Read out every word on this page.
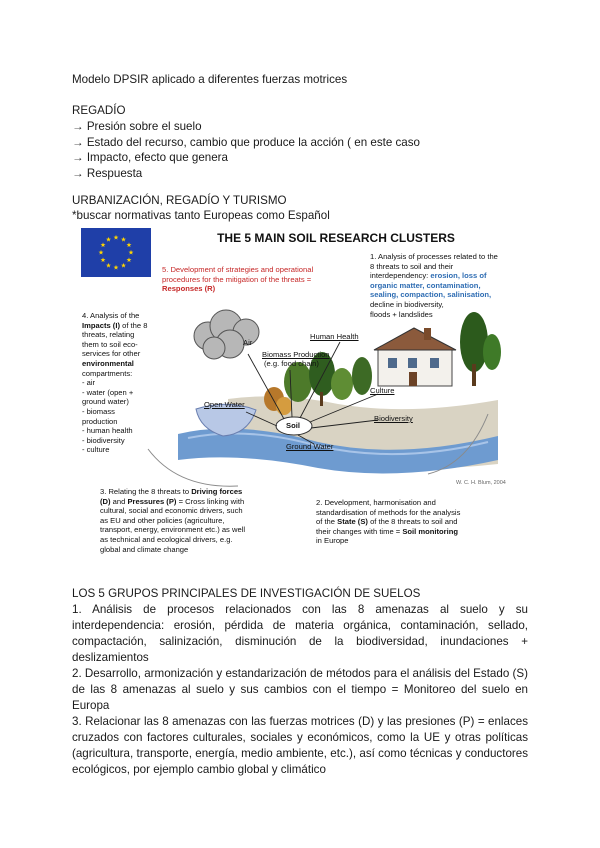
Modelo DPSIR aplicado a diferentes fuerzas motrices
REGADÍO
→ Presión sobre el suelo
→ Estado del recurso, cambio que produce la acción ( en este caso
→ Impacto, efecto que genera
→ Respuesta
URBANIZACIÓN, REGADÍO Y TURISMO
*buscar normativas tanto Europeas como Español
THE 5 MAIN SOIL RESEARCH CLUSTERS
Air
Human Health
Biomass Production
(e.g. food chain)
Open Water
Soil
Culture
Biodiversity
Ground Water
W. C. H. Blum, 2004
1. Analysis of processes related to the
8 threats to soil and their
interdependency: erosion, loss of
organic matter, contamination,
sealing, compaction, salinisation,
decline in biodiversity,
floods + landslides
5. Development of strategies and operational
procedures for the mitigation of the threats =
Responses (R)
4. Analysis of the
Impacts (I) of the 8
threats, relating
them to soil eco-
services for other
environmental
compartments:
- air
- water (open +
ground water)
- biomass
production
- human health
- biodiversity
- culture
3. Relating the 8 threats to Driving forces
(D) and Pressures (P) = Cross linking with
cultural, social and economic drivers, such
as EU and other policies (agriculture,
transport, energy, environment etc.) as well
as technical and ecological drivers, e.g.
global and climate change
2. Development, harmonisation and
standardisation of methods for the analysis
of the State (S) of the 8 threats to soil and
their changes with time = Soil monitoring
in Europe
LOS 5 GRUPOS PRINCIPALES DE INVESTIGACIÓN DE SUELOS

1. Análisis de procesos relacionados con las 8 amenazas al suelo y su interdependencia: erosión, pérdida de materia orgánica, contaminación, sellado, compactación, salinización, disminución de la biodiversidad, inundaciones + deslizamientos

2. Desarrollo, armonización y estandarización de métodos para el análisis del Estado (S) de las 8 amenazas al suelo y sus cambios con el tiempo = Monitoreo del suelo en Europa

3. Relacionar las 8 amenazas con las fuerzas motrices (D) y las presiones (P) = enlaces cruzados con factores culturales, sociales y económicos, como la UE y otras políticas (agricultura, transporte, energía, medio ambiente, etc.), así como técnicas y conductores ecológicos, por ejemplo cambio global y climático
